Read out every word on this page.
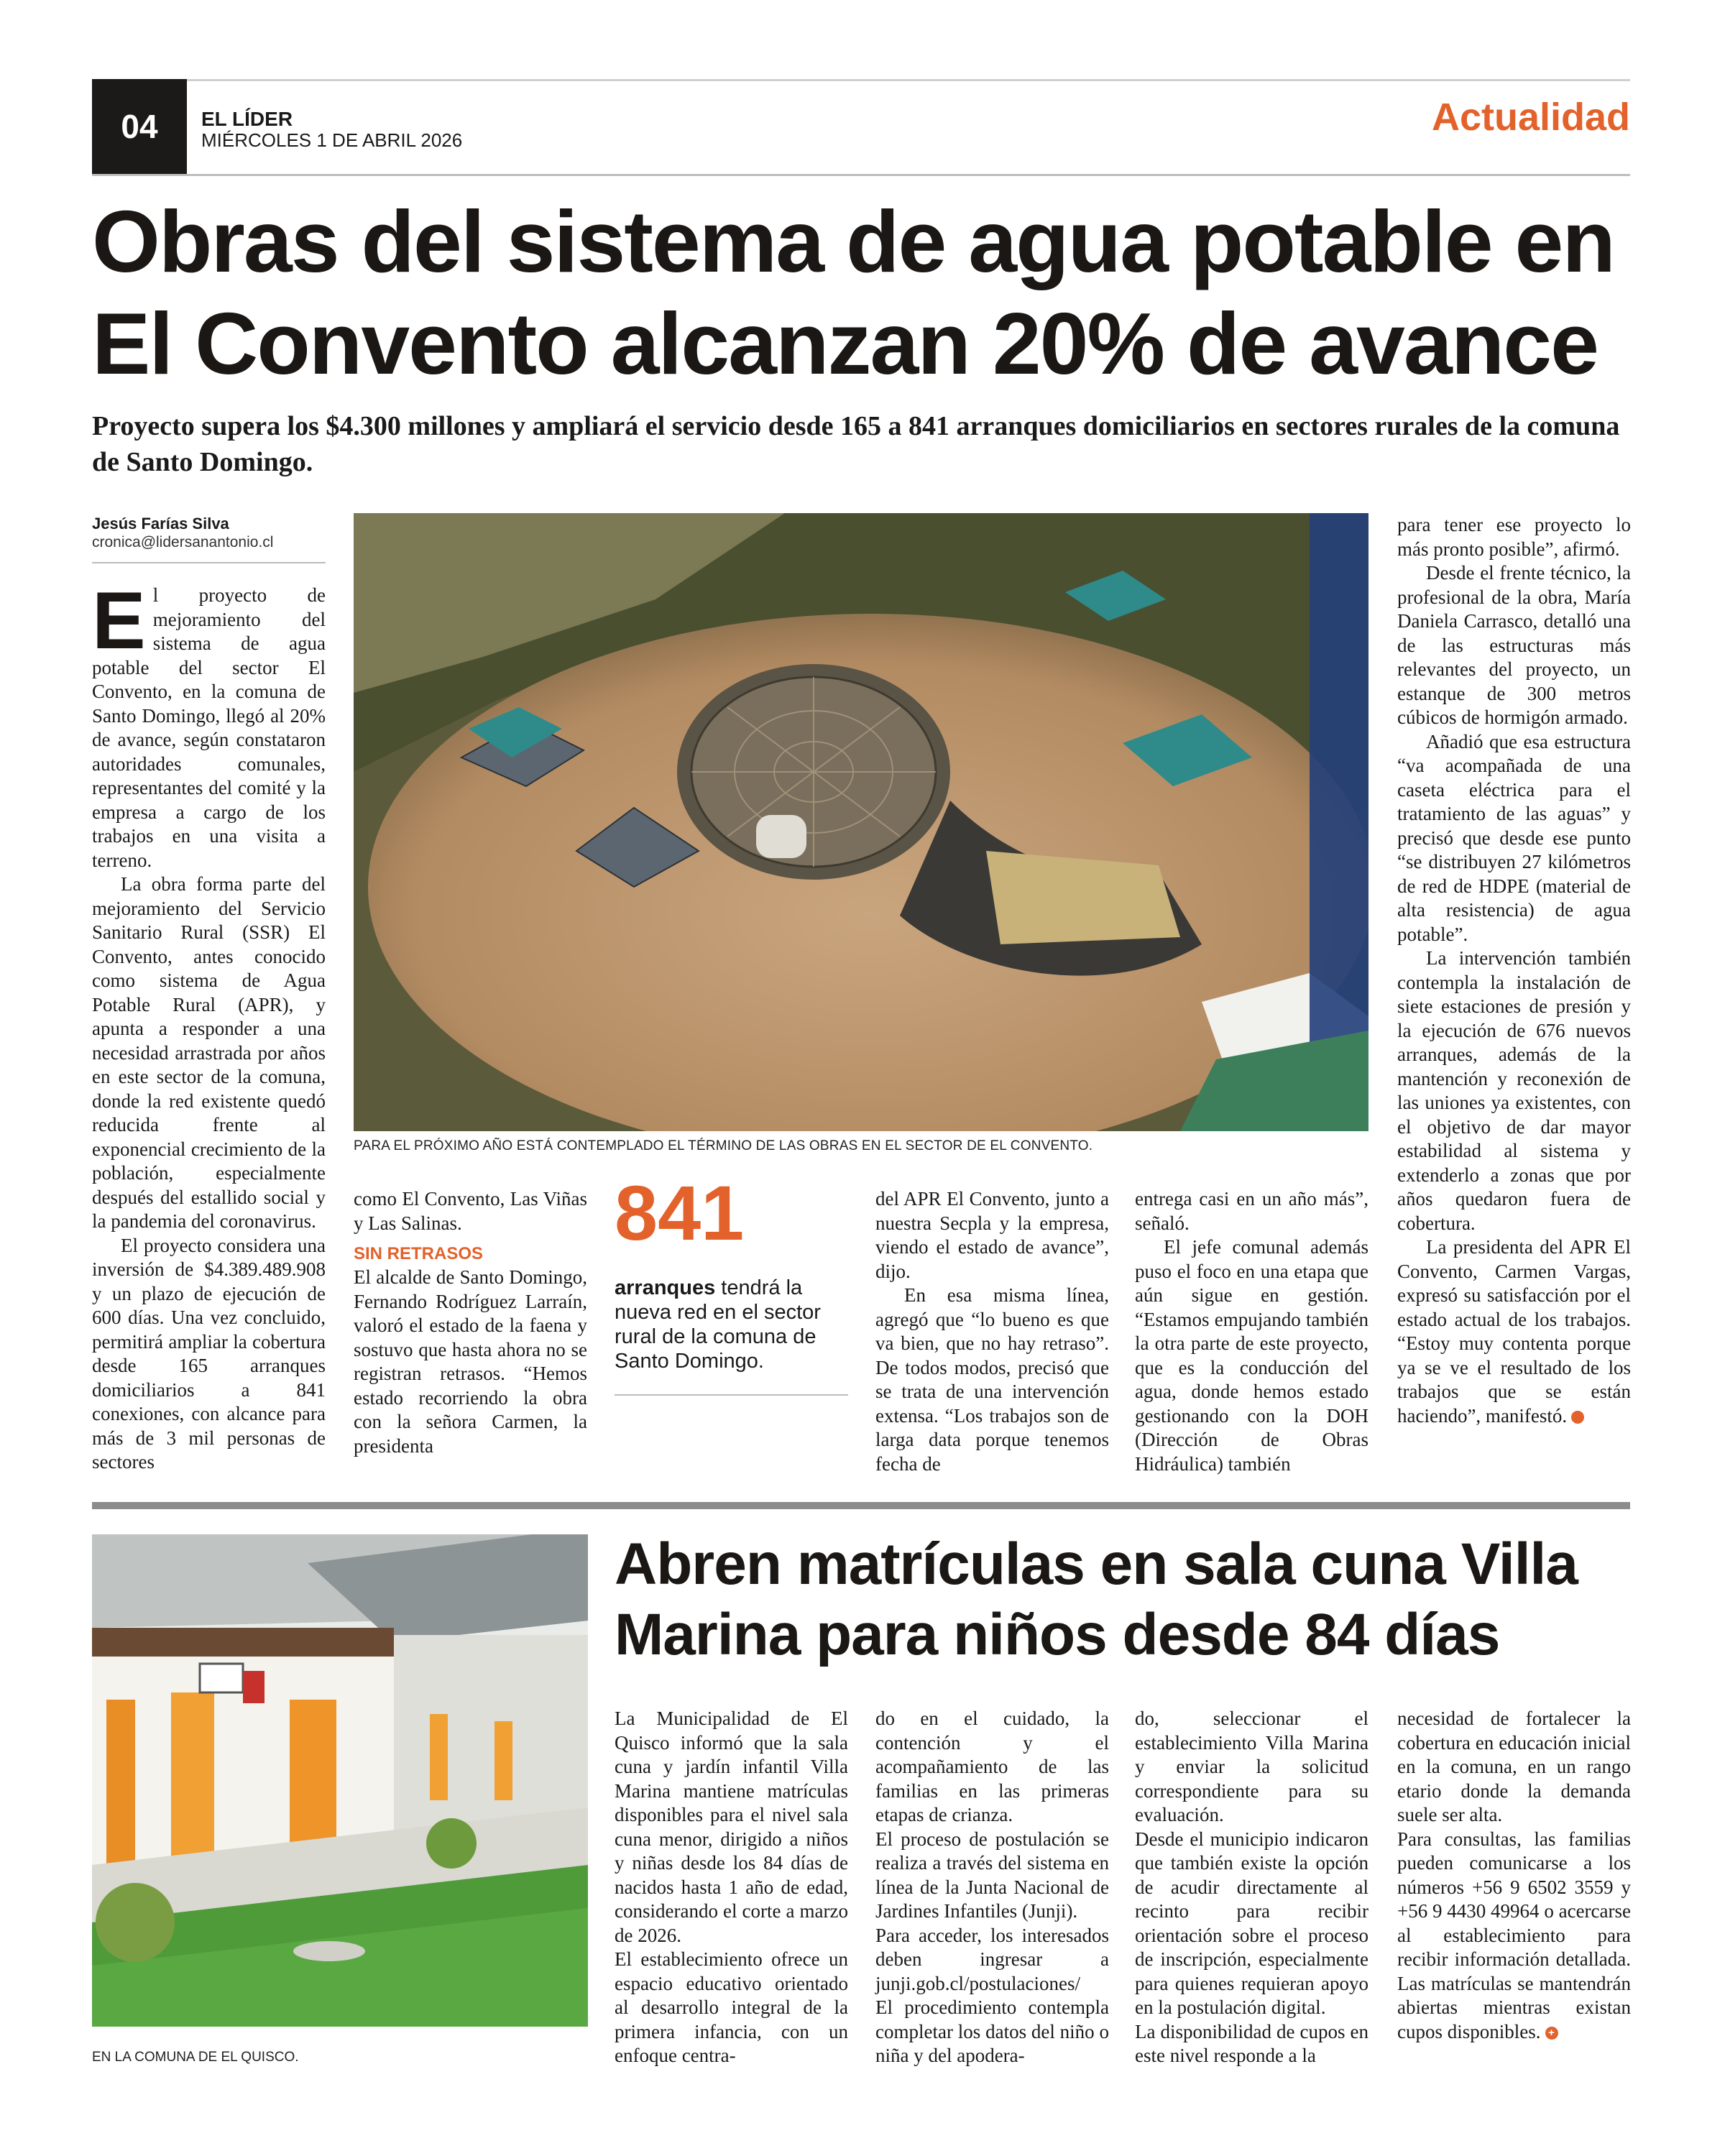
04	EL LÍDER
MIÉRCOLES 1 DE ABRIL 2026
Actualidad
Obras del sistema de agua potable en El Convento alcanzan 20% de avance

Proyecto supera los $4.300 millones y ampliará el servicio desde 165 a 841 arranques domiciliarios en sectores rurales de la comuna de Santo Domingo.

Jesús Farías Silva
cronica@lidersanantonio.cl

El proyecto de mejoramiento del sistema de agua potable del sector El Convento, en la comuna de Santo Domingo, llegó al 20% de avance, según constataron autoridades comunales, representantes del comité y la empresa a cargo de los trabajos en una visita a terreno.

La obra forma parte del mejoramiento del Servicio Sanitario Rural (SSR) El Convento, antes conocido como sistema de Agua Potable Rural (APR), y apunta a responder a una necesidad arrastrada por años en este sector de la comuna, donde la red existente quedó reducida frente al exponencial crecimiento de la población, especialmente después del estallido social y la pandemia del coronavirus.

El proyecto considera una inversión de $4.389.489.908 y un plazo de ejecución de 600 días. Una vez concluido, permitirá ampliar la cobertura desde 165 arranques domiciliarios a 841 conexiones, con alcance para más de 3 mil personas de sectores

PARA EL PRÓXIMO AÑO ESTÁ CONTEMPLADO EL TÉRMINO DE LAS OBRAS EN EL SECTOR DE EL CONVENTO.

como El Convento, Las Viñas y Las Salinas.

SIN RETRASOS

El alcalde de Santo Domingo, Fernando Rodríguez Larraín, valoró el estado de la faena y sostuvo que hasta ahora no se registran retrasos. “Hemos estado recorriendo la obra con la señora Carmen, la presidenta

841
arranques tendrá la nueva red en el sector rural de la comuna de Santo Domingo.

del APR El Convento, junto a nuestra Secpla y la empresa, viendo el estado de avance”, dijo.

En esa misma línea, agregó que “lo bueno es que va bien, que no hay retraso”. De todos modos, precisó que se trata de una intervención extensa. “Los trabajos son de larga data porque tenemos fecha de

entrega casi en un año más”, señaló.

El jefe comunal además puso el foco en una etapa que aún sigue en gestión. “Estamos empujando también la otra parte de este proyecto, que es la conducción del agua, donde hemos estado gestionando con la DOH (Dirección de Obras Hidráulica) también

para tener ese proyecto lo más pronto posible”, afirmó.

Desde el frente técnico, la profesional de la obra, María Daniela Carrasco, detalló una de las estructuras más relevantes del proyecto, un estanque de 300 metros cúbicos de hormigón armado.

Añadió que esa estructura “va acompañada de una caseta eléctrica para el tratamiento de las aguas” y precisó que desde ese punto “se distribuyen 27 kilómetros de red de HDPE (material de alta resistencia) de agua potable”.

La intervención también contempla la instalación de siete estaciones de presión y la ejecución de 676 nuevos arranques, además de la mantención y reconexión de las uniones ya existentes, con el objetivo de dar mayor estabilidad al sistema y extenderlo a zonas que por años quedaron fuera de cobertura.

La presidenta del APR El Convento, Carmen Vargas, expresó su satisfacción por el estado actual de los trabajos. “Estoy muy contenta porque ya se ve el resultado de los trabajos que se están haciendo”, manifestó.	+

EN LA COMUNA DE EL QUISCO.
Abren matrículas en sala cuna Villa Marina para niños desde 84 días

La Municipalidad de El Quisco informó que la sala cuna y jardín infantil Villa Marina mantiene matrículas disponibles para el nivel sala cuna menor, dirigido a niños y niñas desde los 84 días de nacidos hasta 1 año de edad, considerando el corte a marzo de 2026.

El establecimiento ofrece un espacio educativo orientado al desarrollo integral de la primera infancia, con un enfoque centra-

do en el cuidado, la contención y el acompañamiento de las familias en las primeras etapas de crianza.

El proceso de postulación se realiza a través del sistema en línea de la Junta Nacional de Jardines Infantiles (Junji).

Para acceder, los interesados deben ingresar a junji.gob.cl/postulaciones/

El procedimiento contempla completar los datos del niño o niña y del apodera-

do, seleccionar el establecimiento Villa Marina y enviar la solicitud correspondiente para su evaluación.

Desde el municipio indicaron que también existe la opción de acudir directamente al recinto para recibir orientación sobre el proceso de inscripción, especialmente para quienes requieran apoyo en la postulación digital.

La disponibilidad de cupos en este nivel responde a la

necesidad de fortalecer la cobertura en educación inicial en la comuna, en un rango etario donde la demanda suele ser alta.

Para consultas, las familias pueden comunicarse a los números +56 9 6502 3559 y +56 9 4430 49964 o acercarse al establecimiento para recibir información detallada. Las matrículas se mantendrán abiertas mientras existan cupos disponibles. +
